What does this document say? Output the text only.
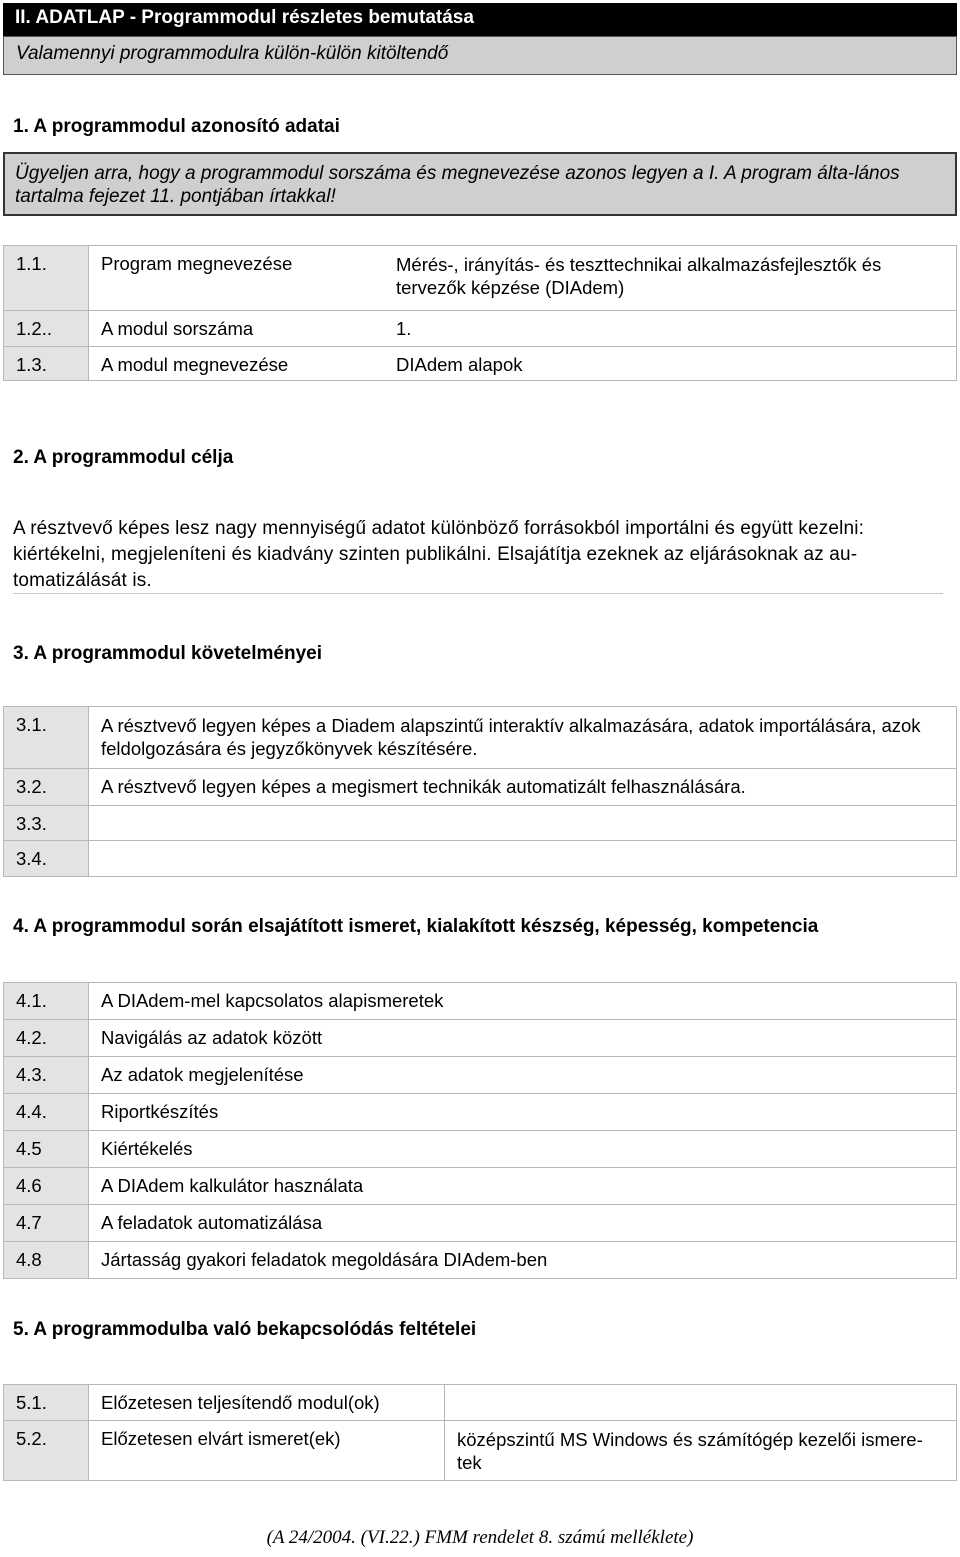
II. ADATLAP - Programmodul részletes bemutatása
Valamennyi programmodulra külön-külön kitöltendő
1. A programmodul azonosító adatai
Ügyeljen arra, hogy a programmodul sorszáma és megnevezése azonos legyen a I. A program álta-lános tartalma fejezet 11. pontjában írtakkal!
1.1.	Program megnevezése	Mérés-, irányítás- és teszttechnikai alkalmazásfejlesztők és tervezők képzése (DIAdem)
1.2..	A modul sorszáma	1.
1.3.	A modul megnevezése	DIAdem alapok
2. A programmodul célja
A résztvevő képes lesz nagy mennyiségű adatot különböző forrásokból importálni és együtt kezelni: kiértékelni, megjeleníteni és kiadvány szinten publikálni. Elsajátítja ezeknek az eljárásoknak az au-tomatizálását is.
3. A programmodul követelményei
3.1.	A résztvevő legyen képes a Diadem alapszintű interaktív alkalmazására, adatok importálására, azok feldolgozására és jegyzőkönyvek készítésére.
3.2.	A résztvevő legyen képes a megismert technikák automatizált felhasználására.
3.3.	
3.4.	
4. A programmodul során elsajátított ismeret, kialakított készség, képesség, kompetencia
4.1.	A DIAdem-mel kapcsolatos alapismeretek
4.2.	Navigálás az adatok között
4.3.	Az adatok megjelenítése
4.4.	Riportkészítés
4.5	Kiértékelés
4.6	A DIAdem kalkulátor használata
4.7	A feladatok automatizálása
4.8	Jártasság gyakori feladatok megoldására DIAdem-ben
5. A programmodulba való bekapcsolódás feltételei
5.1.	Előzetesen teljesítendő modul(ok)	
5.2.	Előzetesen elvárt ismeret(ek)	középszintű MS Windows és számítógép kezelői ismere-tek
(A 24/2004. (VI.22.) FMM rendelet 8. számú melléklete)
